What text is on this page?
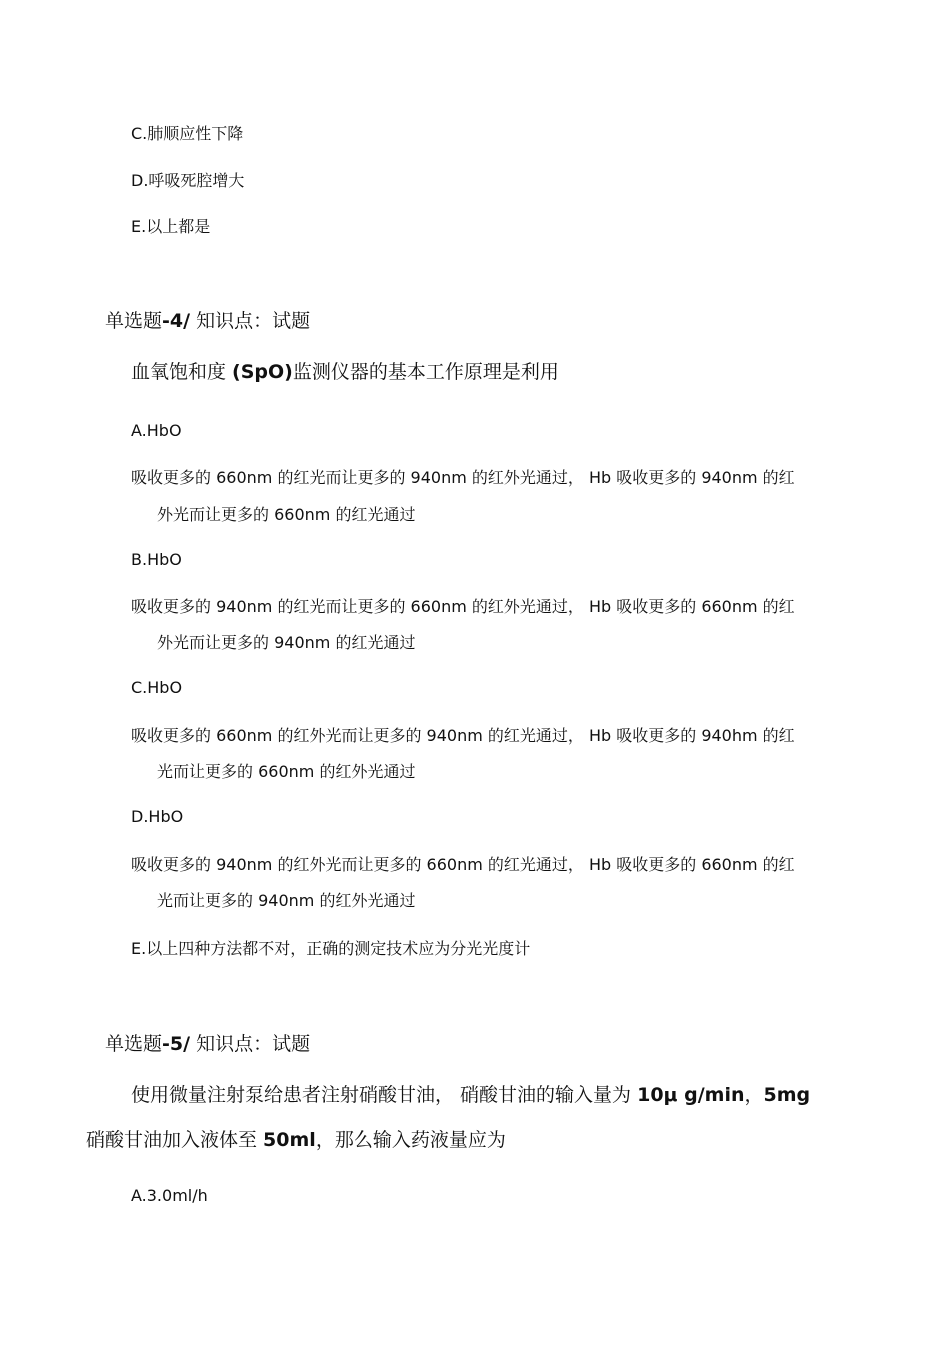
C.肺顺应性下降
D.呼吸死腔增大
E.以上都是
单选题-4/ 知识点：试题
血氧饱和度 (SpO)监测仪器的基本工作原理是利用
A.HbO
吸收更多的 660nm 的红光而让更多的 940nm 的红外光通过， Hb 吸收更多的 940nm 的红
外光而让更多的 660nm 的红光通过
B.HbO
吸收更多的 940nm 的红光而让更多的 660nm 的红外光通过， Hb 吸收更多的 660nm 的红
外光而让更多的 940nm 的红光通过
C.HbO
吸收更多的 660nm 的红外光而让更多的 940nm 的红光通过， Hb 吸收更多的 940hm 的红
光而让更多的 660nm 的红外光通过
D.HbO
吸收更多的 940nm 的红外光而让更多的 660nm 的红光通过， Hb 吸收更多的 660nm 的红
光而让更多的 940nm 的红外光通过
E.以上四种方法都不对，正确的测定技术应为分光光度计
单选题-5/ 知识点：试题
使用微量注射泵给患者注射硝酸甘油， 硝酸甘油的输入量为 10μ g/min，5mg
硝酸甘油加入液体至 50ml，那么输入药液量应为
A.3.0ml/h
